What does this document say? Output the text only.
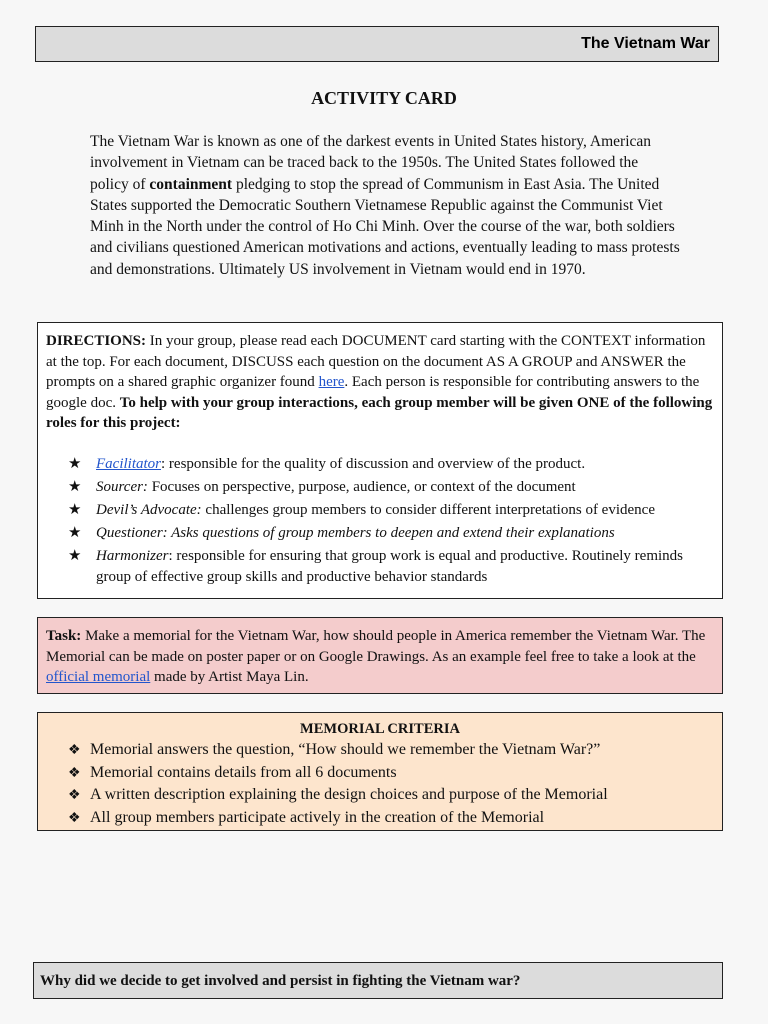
The Vietnam War
ACTIVITY CARD
The Vietnam War is known as one of the darkest events in United States history, American involvement in Vietnam can be traced back to the 1950s. The United States followed the policy of containment pledging to stop the spread of Communism in East Asia. The United States supported the Democratic Southern Vietnamese Republic against the Communist Viet Minh in the North under the control of Ho Chi Minh. Over the course of the war, both soldiers and civilians questioned American motivations and actions, eventually leading to mass protests and demonstrations. Ultimately US involvement in Vietnam would end in 1970.
DIRECTIONS: In your group, please read each DOCUMENT card starting with the CONTEXT information at the top. For each document, DISCUSS each question on the document AS A GROUP and ANSWER the prompts on a shared graphic organizer found here. Each person is responsible for contributing answers to the google doc. To help with your group interactions, each group member will be given ONE of the following roles for this project:
★ Facilitator: responsible for the quality of discussion and overview of the product.
★ Sourcer: Focuses on perspective, purpose, audience, or context of the document
★ Devil’s Advocate: challenges group members to consider different interpretations of evidence
★ Questioner: Asks questions of group members to deepen and extend their explanations
★ Harmonizer: responsible for ensuring that group work is equal and productive. Routinely reminds group of effective group skills and productive behavior standards
Task: Make a memorial for the Vietnam War, how should people in America remember the Vietnam War. The Memorial can be made on poster paper or on Google Drawings. As an example feel free to take a look at the official memorial made by Artist Maya Lin.
MEMORIAL CRITERIA
❖ Memorial answers the question, “How should we remember the Vietnam War?”
❖ Memorial contains details from all 6 documents
❖ A written description explaining the design choices and purpose of the Memorial
❖ All group members participate actively in the creation of the Memorial
Why did we decide to get involved and persist in fighting the Vietnam war?
